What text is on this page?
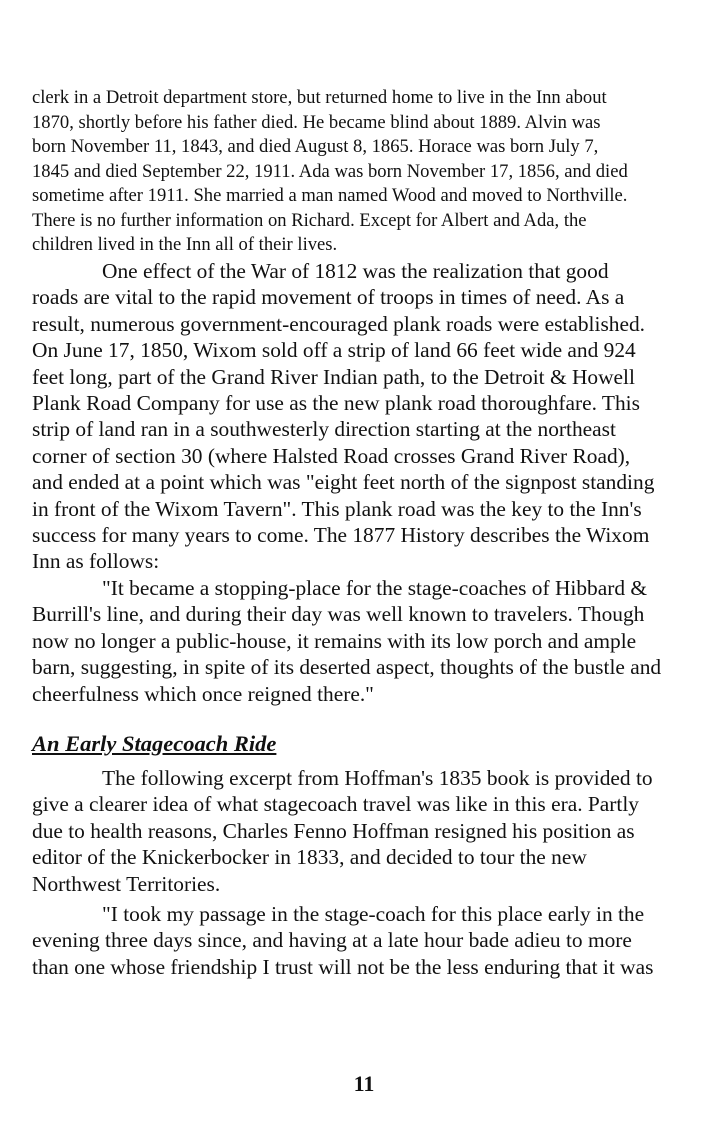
clerk in a Detroit department store, but returned home to live in the Inn about
1870, shortly before his father died. He became blind about 1889. Alvin was
born November 11, 1843, and died August 8, 1865. Horace was born July 7,
1845 and died September 22, 1911. Ada was born November 17, 1856, and died
sometime after 1911. She married a man named Wood and moved to Northville.
There is no further information on Richard. Except for Albert and Ada, the
children lived in the Inn all of their lives.
One effect of the War of 1812 was the realization that good
roads are vital to the rapid movement of troops in times of need. As a
result, numerous government-encouraged plank roads were established.
On June 17, 1850, Wixom sold off a strip of land 66 feet wide and 924
feet long, part of the Grand River Indian path, to the Detroit & Howell
Plank Road Company for use as the new plank road thoroughfare. This
strip of land ran in a southwesterly direction starting at the northeast
corner of section 30 (where Halsted Road crosses Grand River Road),
and ended at a point which was "eight feet north of the signpost standing
in front of the Wixom Tavern". This plank road was the key to the Inn's
success for many years to come. The 1877 History describes the Wixom
Inn as follows:
"It became a stopping-place for the stage-coaches of Hibbard &
Burrill's line, and during their day was well known to travelers. Though
now no longer a public-house, it remains with its low porch and ample
barn, suggesting, in spite of its deserted aspect, thoughts of the bustle and
cheerfulness which once reigned there."

An Early Stagecoach Ride

The following excerpt from Hoffman's 1835 book is provided to
give a clearer idea of what stagecoach travel was like in this era. Partly
due to health reasons, Charles Fenno Hoffman resigned his position as
editor of the Knickerbocker in 1833, and decided to tour the new
Northwest Territories.
"I took my passage in the stage-coach for this place early in the
evening three days since, and having at a late hour bade adieu to more
than one whose friendship I trust will not be the less enduring that it was

11
